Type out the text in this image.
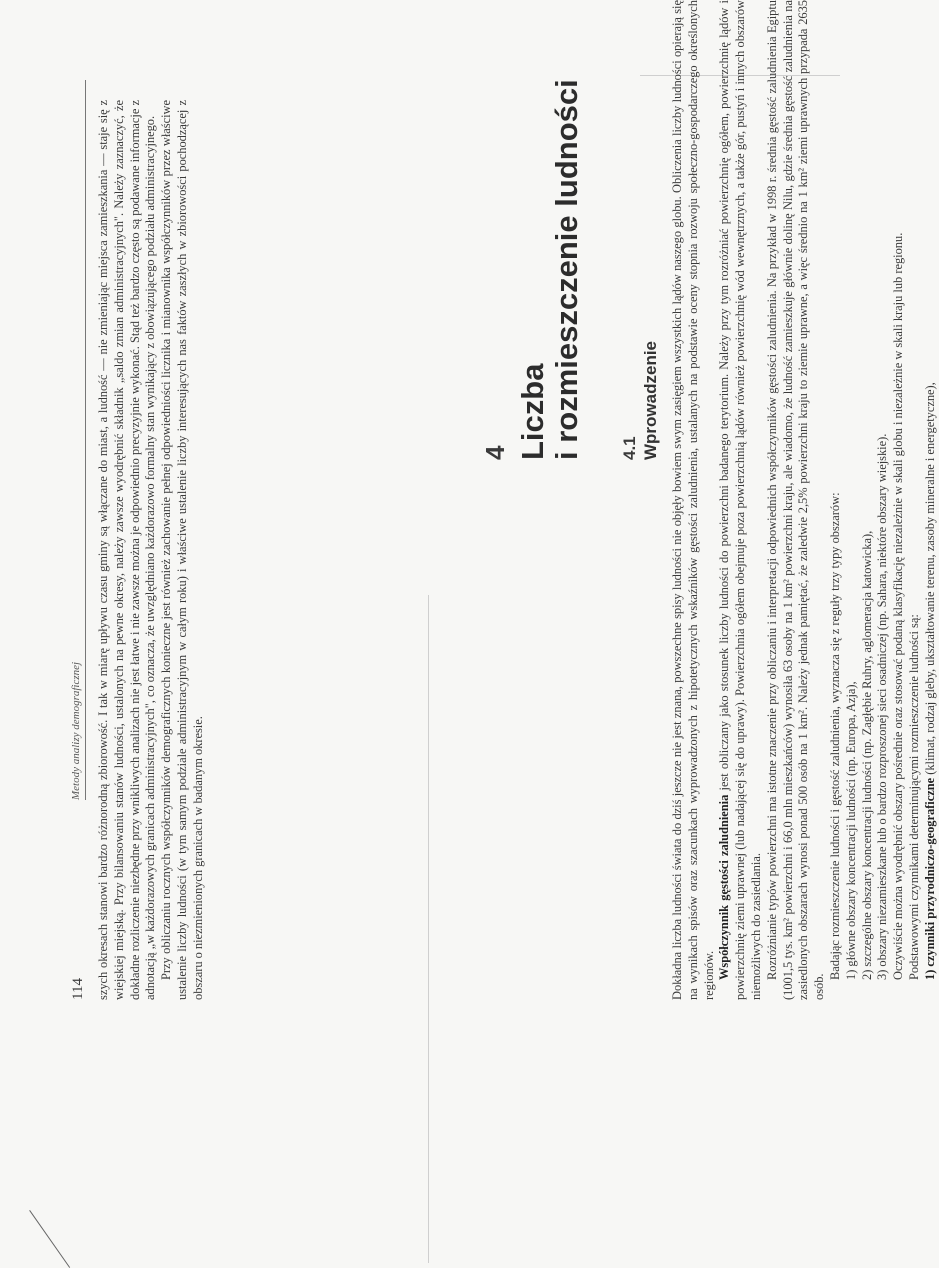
114
Metody analizy demograficznej	szych okresach stanowi bardzo różnorodną zbiorowość. I tak w miarę upływu czasu gminy są włączane do miast, a ludność — nie zmieniając miejsca zamieszkania — staje się z wiejskiej miejską. Przy bilansowaniu stanów ludności, ustalonych na pewne okresy, należy zawsze wyodrębnić składnik „saldo zmian administracyjnych". Należy zaznaczyć, że dokładne rozliczenie niezbędne przy wnikliwych analizach nie jest łatwe i nie zawsze można je odpowiednio precyzyjnie wykonać. Stąd też bardzo często są podawane informacje z adnotacją „w każdorazowych granicach administracyjnych", co oznacza, że uwzględniano każdorazowo formalny stan wynikający z obowiązującego podziału administracyjnego. Przy obliczaniu rocznych współczynników demograficznych konieczne jest również zachowanie pełnej odpowiedniości licznika i mianownika współczynników przez właściwe ustalenie liczby ludności (w tym samym podziale administracyjnym w całym roku) i właściwe ustalenie liczby interesujących nas faktów zaszłych w zbiorowości pochodzącej z obszaru o niezmienionych granicach w badanym okresie.

4 Liczba i rozmieszczenie ludności 4.1 Wprowadzenie Dokładna liczba ludności świata do dziś jeszcze nie jest znana, powszechne spisy ludności nie objęły bowiem swym zasięgiem wszystkich lądów naszego globu. Obliczenia liczby ludności opierają się na wynikach spisów oraz szacunkach wyprowadzonych z hipotetycznych wskaźników gęstości zaludnienia, ustalanych na podstawie oceny stopnia rozwoju społeczno-gospodarczego określonych regionów. Współczynnik gęstości zaludnienia jest obliczany jako stosunek liczby ludności do powierzchni badanego terytorium. Należy przy tym rozróżniać powierzchnię ogółem, powierzchnię lądów i powierzchnię ziemi uprawnej (lub nadającej się do uprawy). Powierzchnia ogółem obejmuje poza powierzchnią lądów również powierzchnię wód wewnętrznych, a także gór, pustyń i innych obszarów niemożliwych do zasiedlania. Rozróżnianie typów powierzchni ma istotne znaczenie przy obliczaniu i interpretacji odpowiednich współczynników gęstości zaludnienia. Na przykład w 1998 r. średnia gęstość zaludnienia Egiptu (1001,5 tys. km² powierzchni i 66,0 mln mieszkańców) wynosiła 63 osoby na 1 km² powierzchni kraju, ale wiadomo, że ludność zamieszkuje głównie dolinę Nilu, gdzie średnia gęstość zaludnienia na zasiedlonych obszarach wynosi ponad 500 osób na 1 km². Należy jednak pamiętać, że zaledwie 2,5% powierzchni kraju to ziemie uprawne, a więc średnio na 1 km² ziemi uprawnych przypada 2635 osób.

Badając rozmieszczenie ludności i gęstość zaludnienia, wyznacza się z reguły trzy typy obszarów: 1) główne obszary koncentracji ludności (np. Europa, Azja), 2) szczególne obszary koncentracji ludności (np. Zagłębie Ruhry, aglomeracja katowicka), 3) obszary niezamieszkane lub o bardzo rozproszonej sieci osadniczej (np. Sahara, niektóre obszary wiejskie). Oczywiście można wyodrębnić obszary pośrednie oraz stosować podaną klasyfikację niezależnie w skali globu i niezależnie w skali kraju lub regionu. Podstawowymi czynnikami determinującymi rozmieszczenie ludności są: 1) czynniki przyrodniczo-geograficzne (klimat, rodzaj gleby, ukształtowanie terenu, zasoby mineralne i energetyczne),
